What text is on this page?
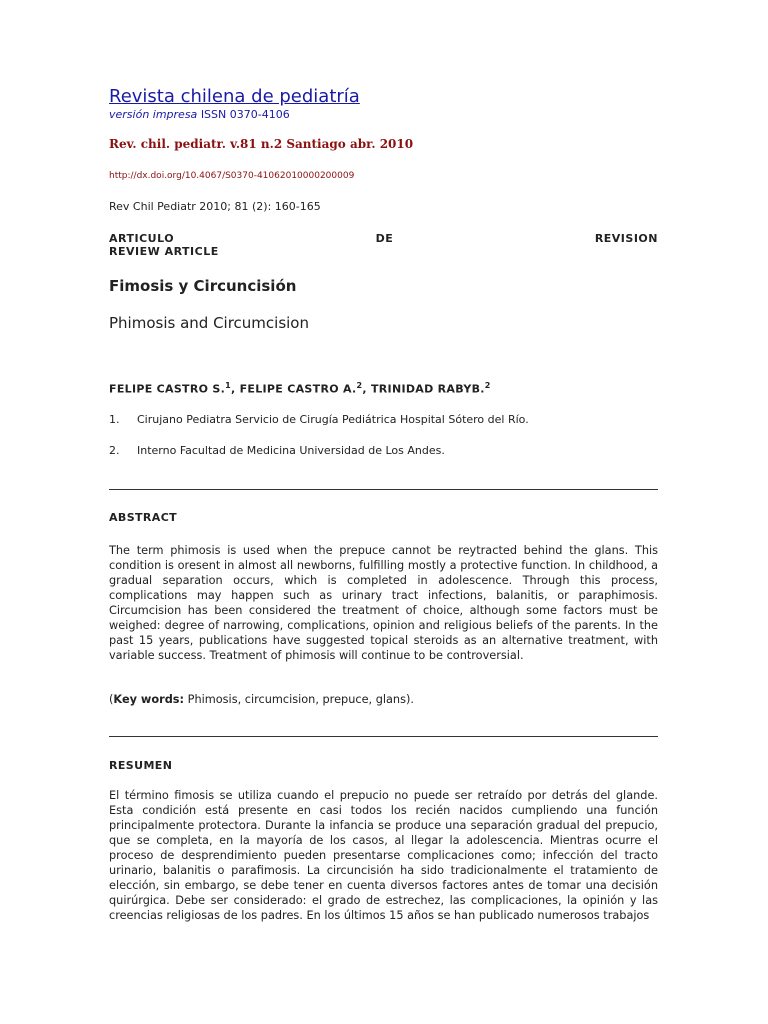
Revista chilena de pediatría
versión impresa ISSN 0370-4106
Rev. chil. pediatr. v.81 n.2 Santiago abr. 2010
http://dx.doi.org/10.4067/S0370-41062010000200009
Rev Chil Pediatr 2010; 81 (2): 160-165
ARTICULO	DE	REVISION
REVIEW ARTICLE
Fimosis y Circuncisión
Phimosis and Circumcision
FELIPE CASTRO S.$^1$, FELIPE CASTRO A.$^2$, TRINIDAD RABYB.$^2$
1. Cirujano Pediatra Servicio de Cirugía Pediátrica Hospital Sótero del Río.
2. Interno Facultad de Medicina Universidad de Los Andes.
ABSTRACT
The term phimosis is used when the prepuce cannot be reytracted behind the glans. This condition is oresent in almost all newborns, fulfilling mostly a protective function. In childhood, a gradual separation occurs, which is completed in adolescence. Through this process, complications may happen such as urinary tract infections, balanitis, or paraphimosis. Circumcision has been considered the treatment of choice, although some factors must be weighed: degree of narrowing, complications, opinion and religious beliefs of the parents. In the past 15 years, publications have suggested topical steroids as an alternative treatment, with variable success. Treatment of phimosis will continue to be controversial.
(Key words: Phimosis, circumcision, prepuce, glans).
RESUMEN
El término fimosis se utiliza cuando el prepucio no puede ser retraído por detrás del glande. Esta condición está presente en casi todos los recién nacidos cumpliendo una función principalmente protectora. Durante la infancia se produce una separación gradual del prepucio, que se completa, en la mayoría de los casos, al llegar la adolescencia. Mientras ocurre el proceso de desprendimiento pueden presentarse complicaciones como; infección del tracto urinario, balanitis o parafimosis. La circuncisión ha sido tradicionalmente el tratamiento de elección, sin embargo, se debe tener en cuenta diversos factores antes de tomar una decisión quirúrgica. Debe ser considerado: el grado de estrechez, las complicaciones, la opinión y las creencias religiosas de los padres. En los últimos 15 años se han publicado numerosos trabajos
